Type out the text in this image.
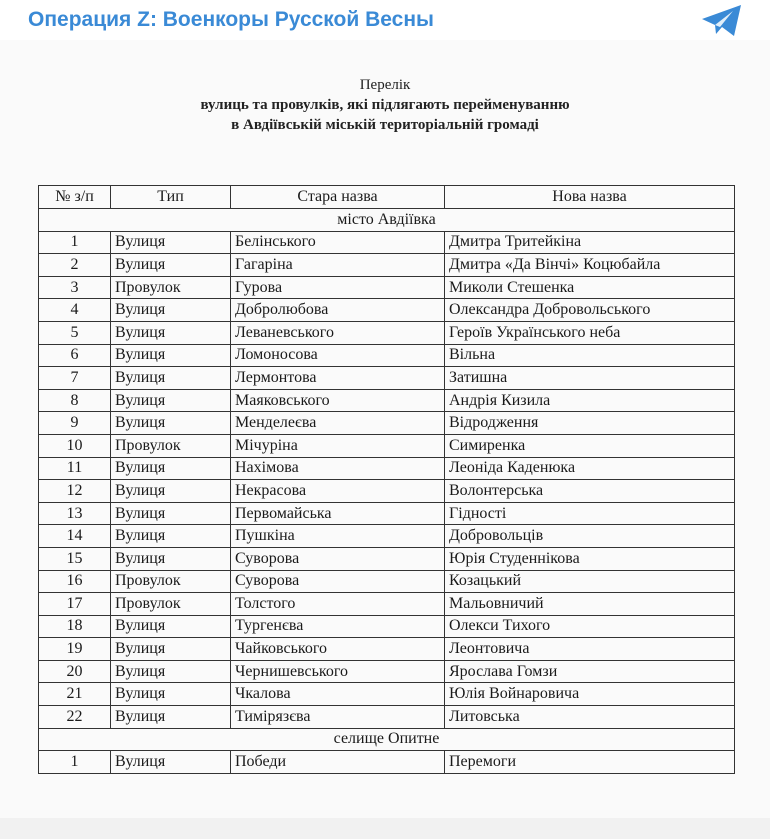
Операция Z: Военкоры Русской Весны
Перелік
вулиць та провулків, які підлягають перейменуванню
в Авдіївській міській територіальній громаді
№ з/п	Тип	Стара назва	Нова назва
місто Авдіївка			
1	Вулиця	Белінського	Дмитра Тритейкіна
2	Вулиця	Гагаріна	Дмитра «Да Вінчі» Коцюбайла
3	Провулок	Гурова	Миколи Стешенка
4	Вулиця	Добролюбова	Олександра Добровольського
5	Вулиця	Леваневського	Героїв Українського неба
6	Вулиця	Ломоносова	Вільна
7	Вулиця	Лермонтова	Затишна
8	Вулиця	Маяковського	Андрія Кизила
9	Вулиця	Менделеєва	Відродження
10	Провулок	Мічуріна	Симиренка
11	Вулиця	Нахімова	Леоніда Каденюка
12	Вулиця	Некрасова	Волонтерська
13	Вулиця	Первомайська	Гідності
14	Вулиця	Пушкіна	Добровольців
15	Вулиця	Суворова	Юрія Студеннікова
16	Провулок	Суворова	Козацький
17	Провулок	Толстого	Мальовничий
18	Вулиця	Тургенєва	Олекси Тихого
19	Вулиця	Чайковського	Леонтовича
20	Вулиця	Чернишевського	Ярослава Гомзи
21	Вулиця	Чкалова	Юлія Войнаровича
22	Вулиця	Тимірязєва	Литовська
селище Опитне			
1	Вулиця	Победи	Перемоги
